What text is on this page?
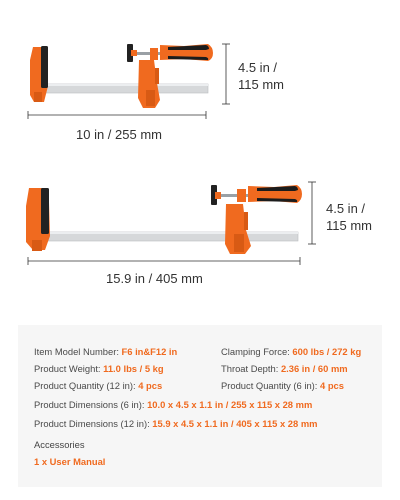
10 in / 255 mm
4.5 in /
115 mm
15.9 in / 405 mm
4.5 in /
115 mm
Item Model Number: F6 in&F12 in	Clamping Force: 600 lbs / 272 kg
Product Weight: 11.0 lbs / 5 kg	Throat Depth: 2.36 in / 60 mm
Product Quantity (12 in): 4 pcs	Product Quantity (6 in): 4 pcs
Product Dimensions (6 in): 10.0 x 4.5 x 1.1 in / 255 x 115 x 28 mm
Product Dimensions (12 in): 15.9 x 4.5 x 1.1 in / 405 x 115 x 28 mm
Accessories
1 x User Manual
